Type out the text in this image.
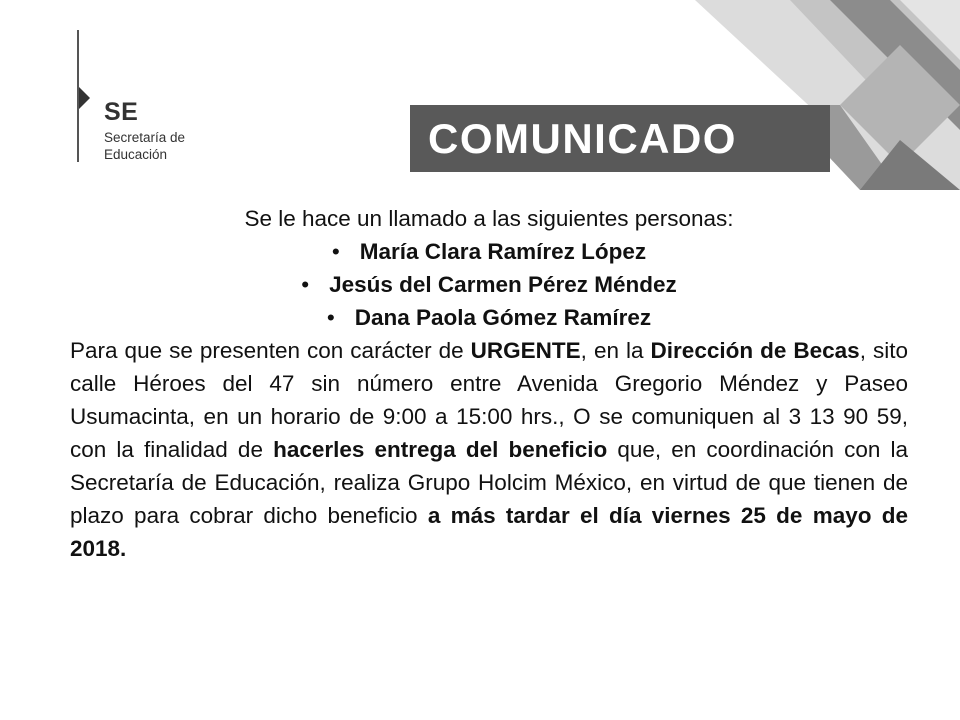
SE
Secretaría de
Educación	COMUNICADO

Se le hace un llamado a las siguientes personas:

• María Clara Ramírez López
• Jesús del Carmen Pérez Méndez
• Dana Paola Gómez Ramírez

Para que se presenten con carácter de URGENTE, en la Dirección de Becas, sito calle Héroes del 47 sin número entre Avenida Gregorio Méndez y Paseo Usumacinta, en un horario de 9:00 a 15:00 hrs., O se comuniquen al 3 13 90 59, con la finalidad de hacerles entrega del beneficio que, en coordinación con la Secretaría de Educación, realiza Grupo Holcim México, en virtud de que tienen de plazo para cobrar dicho beneficio a más tardar el día viernes 25 de mayo de 2018.
